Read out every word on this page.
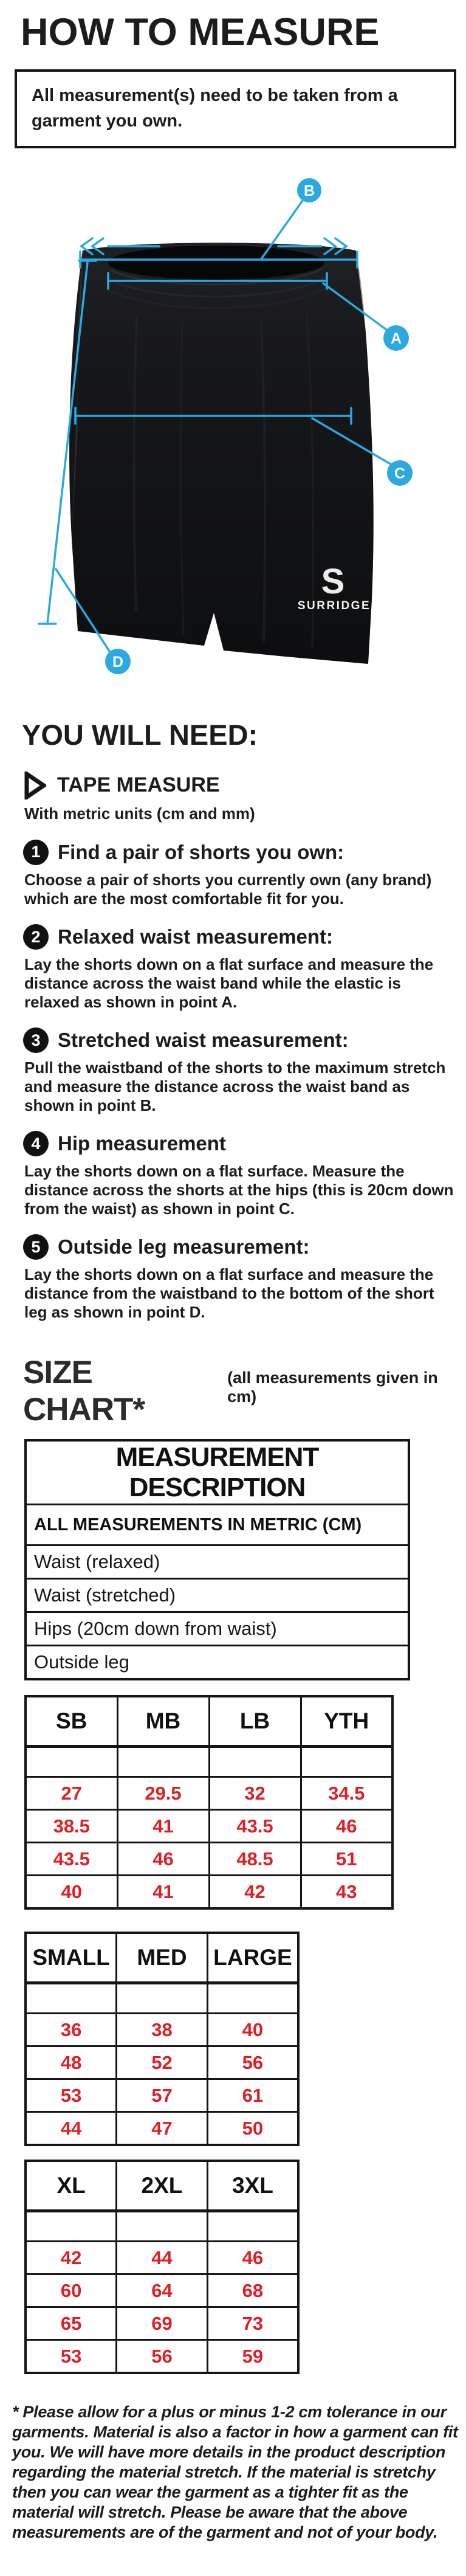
HOW TO MEASURE
All measurement(s) need to be taken from a garment you own.
S
SURRIDGE
A
B
C
D
YOU WILL NEED:
TAPE MEASURE
With metric units (cm and mm)
1 Find a pair of shorts you own:

Choose a pair of shorts you currently own (any brand) which are the most comfortable fit for you.

2 Relaxed waist measurement:

Lay the shorts down on a flat surface and measure the distance across the waist band while the elastic is relaxed as shown in point A.

3 Stretched waist measurement:

Pull the waistband of the shorts to the maximum stretch and measure the distance across the waist band as shown in point B.

4 Hip measurement

Lay the shorts down on a flat surface. Measure the distance across the shorts at the hips (this is 20cm down from the waist) as shown in point C.

5 Outside leg measurement:

Lay the shorts down on a flat surface and measure the distance from the waistband to the bottom of the short leg as shown in point D.

SIZE CHART*
(all measurements given in cm)
MEASUREMENT DESCRIPTION
ALL MEASUREMENTS IN METRIC (CM)
Waist (relaxed)
Waist (stretched)
Hips (20cm down from waist)
Outside leg
SB	MB	LB	YTH

27	29.5	32	34.5
38.5	41	43.5	46
43.5	46	48.5	51
40	41	42	43
SMALL	MED	LARGE

36	38	40
48	52	56
53	57	61
44	47	50
XL	2XL	3XL

42	44	46
60	64	68
65	69	73
53	56	59

* Please allow for a plus or minus 1-2 cm tolerance in our garments. Material is also a factor in how a garment can fit you. We will have more details in the product description regarding the material stretch. If the material is stretchy then you can wear the garment as a tighter fit as the material will stretch. Please be aware that the above measurements are of the garment and not of your body.
